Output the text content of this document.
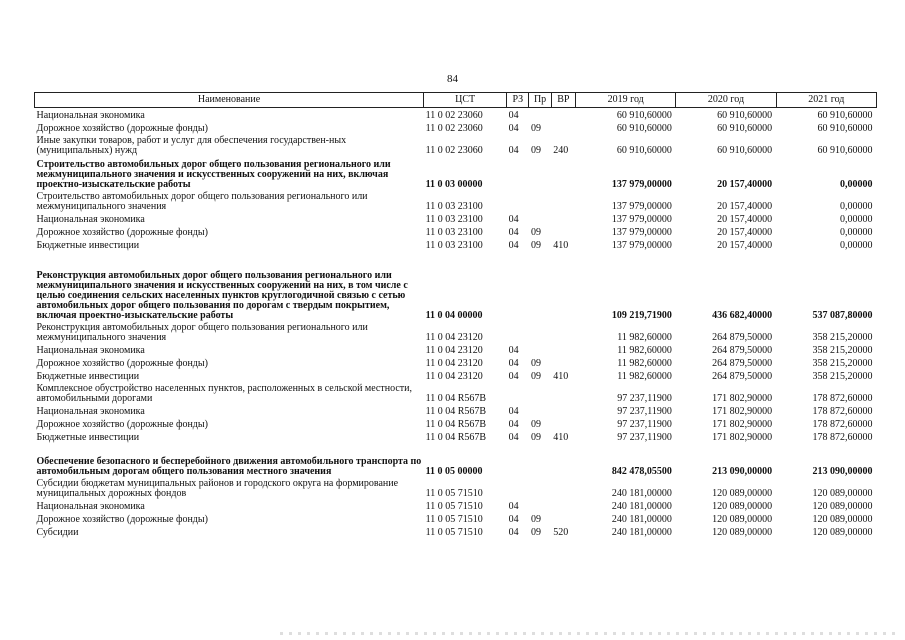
84
Наименование	ЦСТ	РЗ	Пр	ВР	2019 год	2020 год	2021 год
Национальная экономика	11 0 02 23060	04			60 910,60000	60 910,60000	60 910,60000
Дорожное хозяйство (дорожные фонды)	11 0 02 23060	04	09		60 910,60000	60 910,60000	60 910,60000
Иные закупки товаров, работ и услуг для обеспечения государствен-ных (муниципальных) нужд	11 0 02 23060	04	09	240	60 910,60000	60 910,60000	60 910,60000
Строительство автомобильных дорог общего пользования регионального или межмуниципального значения и искусственных сооружений на них, включая проектно-изыскательские работы	11 0 03 00000				137 979,00000	20 157,40000	0,00000
Строительство автомобильных дорог общего пользования регионального или межмуниципального значения	11 0 03 23100				137 979,00000	20 157,40000	0,00000
Национальная экономика	11 0 03 23100	04			137 979,00000	20 157,40000	0,00000
Дорожное хозяйство (дорожные фонды)	11 0 03 23100	04	09		137 979,00000	20 157,40000	0,00000
Бюджетные инвестиции	11 0 03 23100	04	09	410	137 979,00000	20 157,40000	0,00000
Реконструкция автомобильных дорог общего пользования регионального или межмуниципального значения и искусственных сооружений на них, в том числе с целью соединения сельских населенных пунктов круглогодичной связью с сетью автомобильных дорог общего пользования по дорогам с твердым покрытием, включая проектно-изыскательские работы	11 0 04 00000				109 219,71900	436 682,40000	537 087,80000
Реконструкция автомобильных дорог общего пользования регионального или межмуниципального значения	11 0 04 23120				11 982,60000	264 879,50000	358 215,20000
Национальная экономика	11 0 04 23120	04			11 982,60000	264 879,50000	358 215,20000
Дорожное хозяйство (дорожные фонды)	11 0 04 23120	04	09		11 982,60000	264 879,50000	358 215,20000
Бюджетные инвестиции	11 0 04 23120	04	09	410	11 982,60000	264 879,50000	358 215,20000
Комплексное обустройство населенных пунктов, расположенных в сельской местности, автомобильными дорогами	11 0 04 R567B				97 237,11900	171 802,90000	178 872,60000
Национальная экономика	11 0 04 R567B	04			97 237,11900	171 802,90000	178 872,60000
Дорожное хозяйство (дорожные фонды)	11 0 04 R567B	04	09		97 237,11900	171 802,90000	178 872,60000
Бюджетные инвестиции	11 0 04 R567B	04	09	410	97 237,11900	171 802,90000	178 872,60000
Обеспечение безопасного и бесперебойного движения автомобильного транспорта по автомобильным дорогам общего пользования местного значения	11 0 05 00000				842 478,05500	213 090,00000	213 090,00000
Субсидии бюджетам муниципальных районов и городского округа на формирование муниципальных дорожных фондов	11 0 05 71510				240 181,00000	120 089,00000	120 089,00000
Национальная экономика	11 0 05 71510	04			240 181,00000	120 089,00000	120 089,00000
Дорожное хозяйство (дорожные фонды)	11 0 05 71510	04	09		240 181,00000	120 089,00000	120 089,00000
Субсидии	11 0 05 71510	04	09	520	240 181,00000	120 089,00000	120 089,00000
